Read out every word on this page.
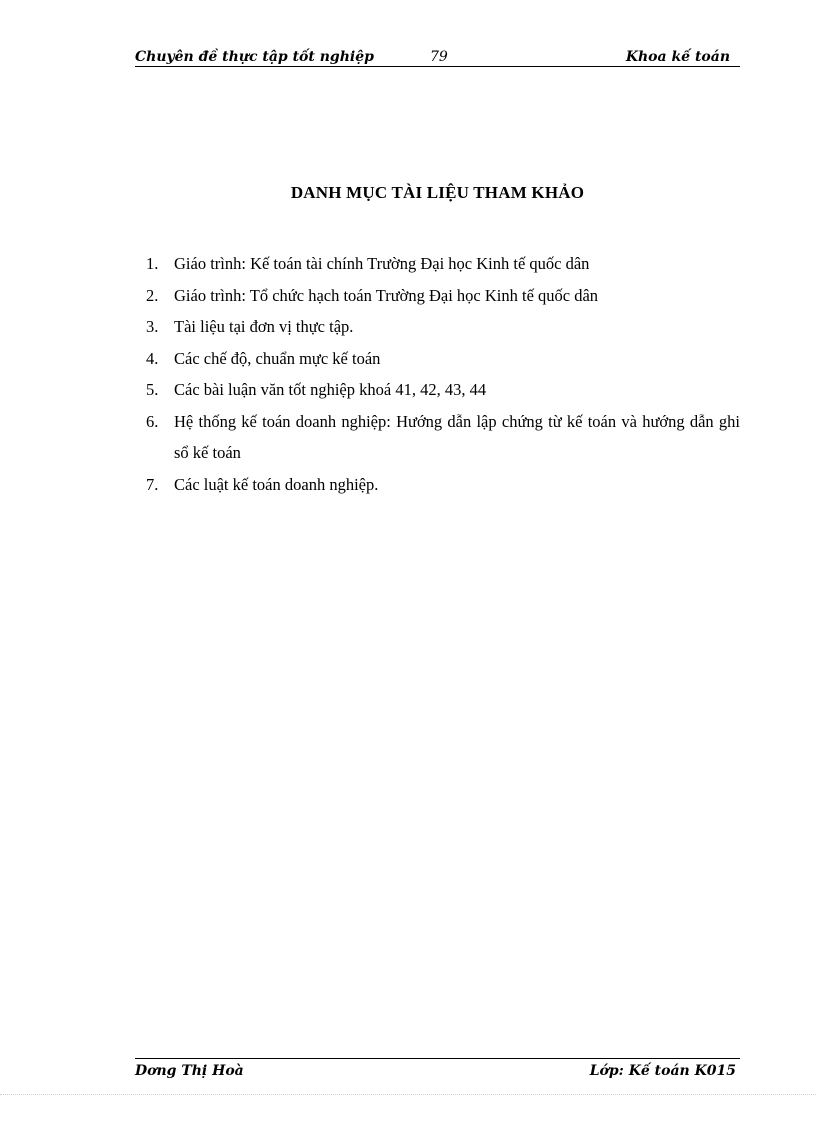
Chuyên đề thực tập tốt nghiệp	79	Khoa kế toán
DANH MỤC TÀI LIỆU THAM KHẢO
1. Giáo trình: Kế toán tài chính Trường Đại học Kinh tế quốc dân
2. Giáo trình: Tổ chức hạch toán Trường Đại học Kinh tế quốc dân
3. Tài liệu tại đơn vị thực tập.
4. Các chế độ, chuẩn mực kế toán
5. Các bài luận văn tốt nghiệp khoá 41, 42, 43, 44
6. Hệ thống kế toán doanh nghiệp: Hướng dẫn lập chứng từ kế toán và hướng dẫn ghi sổ kế toán
7. Các luật kế toán doanh nghiệp.
Dơng Thị Hoà	Lớp: Kế toán K015
